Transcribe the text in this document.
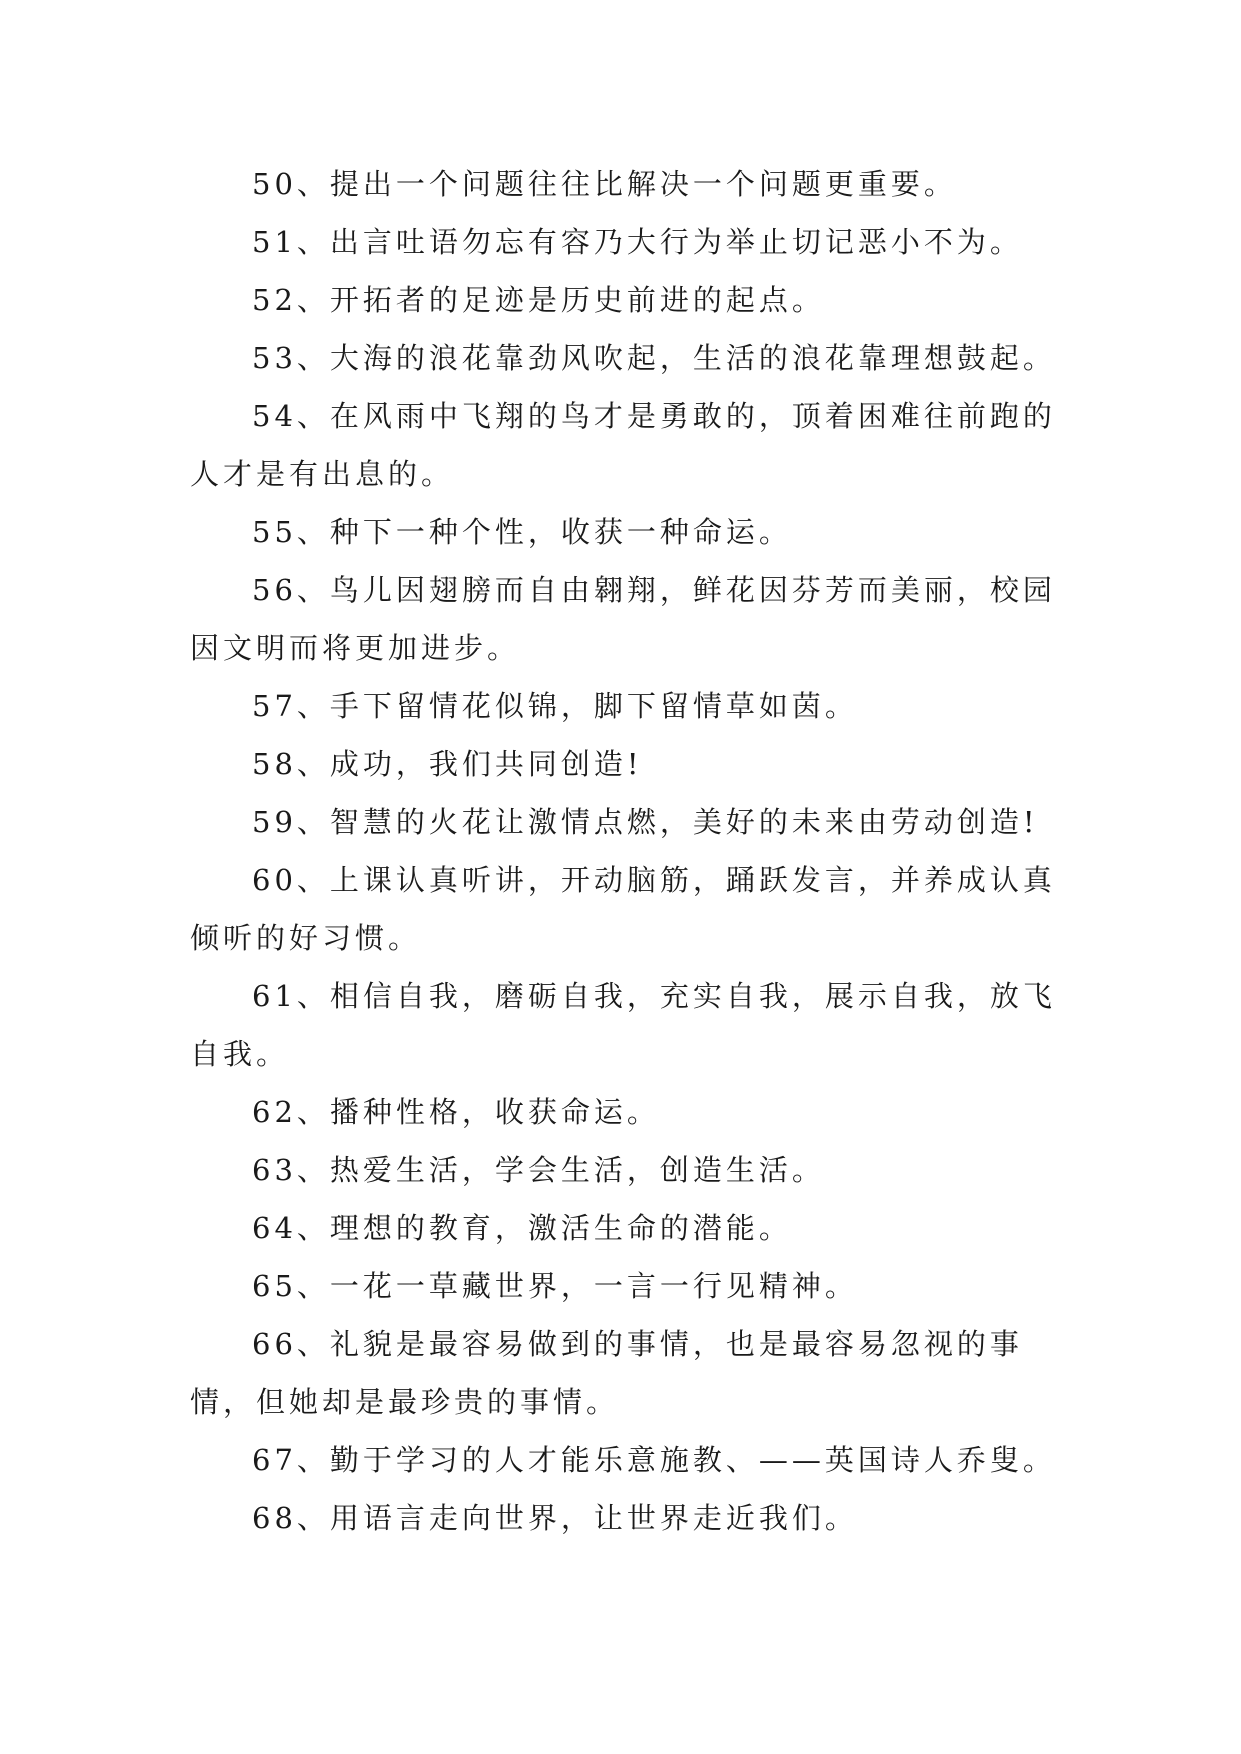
50、提出一个问题往往比解决一个问题更重要。

51、出言吐语勿忘有容乃大行为举止切记恶小不为。

52、开拓者的足迹是历史前进的起点。

53、大海的浪花靠劲风吹起，生活的浪花靠理想鼓起。

54、在风雨中飞翔的鸟才是勇敢的，顶着困难往前跑的人才是有出息的。

55、种下一种个性，收获一种命运。

56、鸟儿因翅膀而自由翱翔，鲜花因芬芳而美丽，校园因文明而将更加进步。

57、手下留情花似锦，脚下留情草如茵。

58、成功，我们共同创造!

59、智慧的火花让激情点燃，美好的未来由劳动创造!

60、上课认真听讲，开动脑筋，踊跃发言，并养成认真倾听的好习惯。

61、相信自我，磨砺自我，充实自我，展示自我，放飞自我。

62、播种性格，收获命运。

63、热爱生活，学会生活，创造生活。

64、理想的教育，激活生命的潜能。

65、一花一草藏世界，一言一行见精神。

66、礼貌是最容易做到的事情，也是最容易忽视的事情，但她却是最珍贵的事情。

67、勤于学习的人才能乐意施教、——英国诗人乔叟。

68、用语言走向世界，让世界走近我们。
